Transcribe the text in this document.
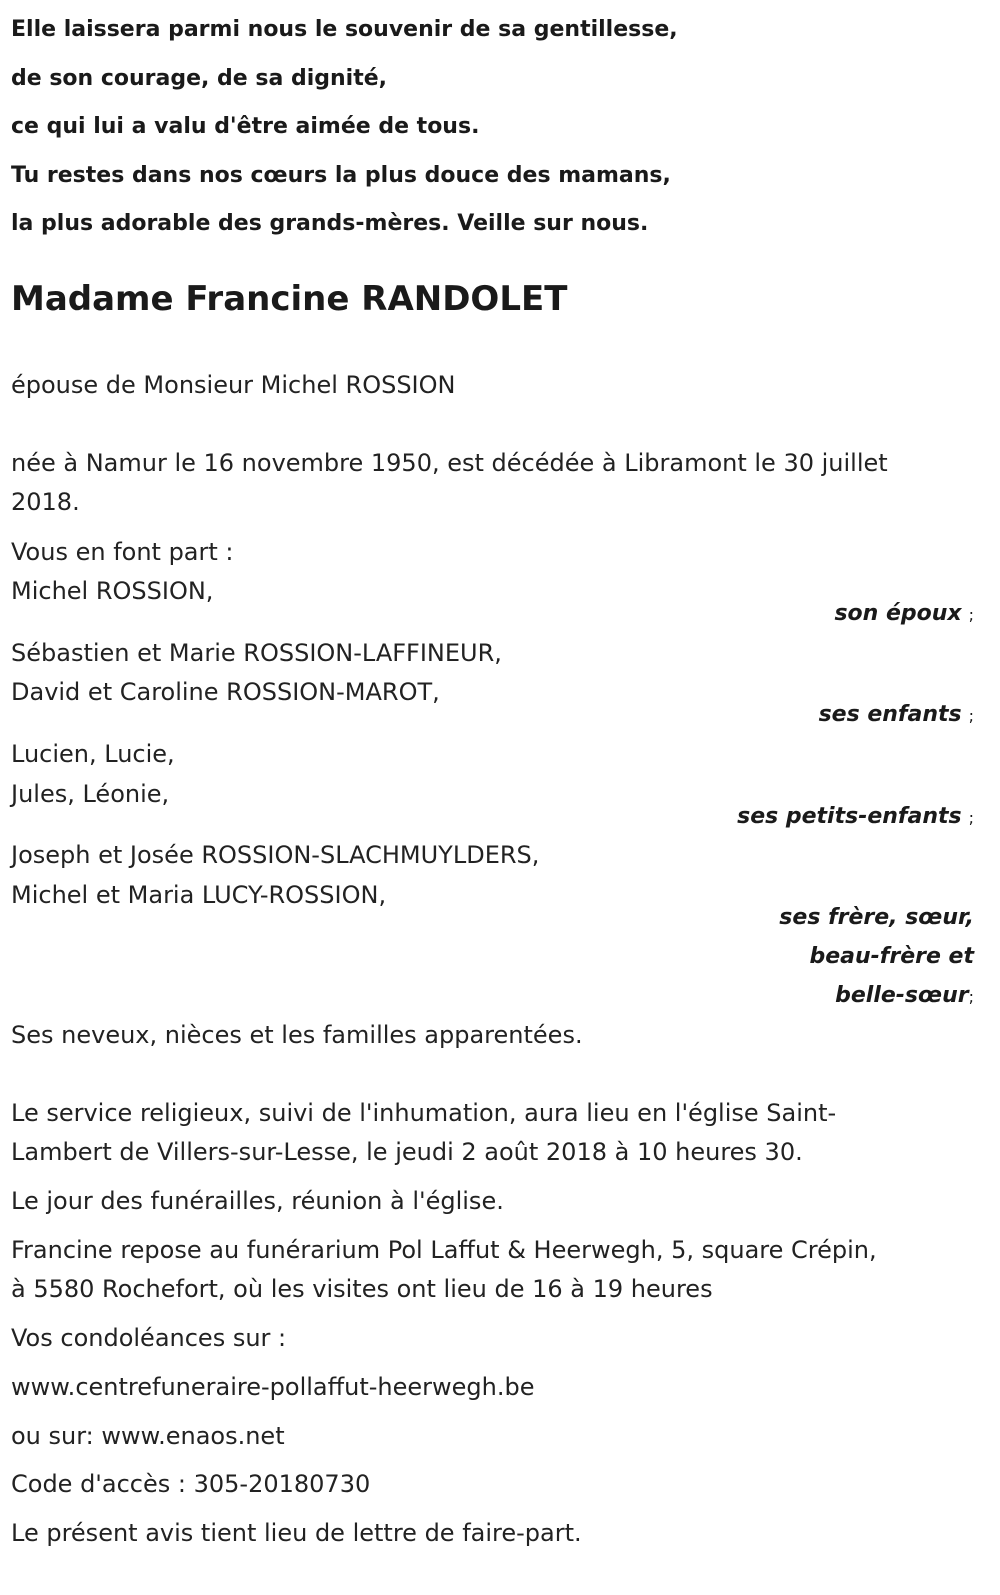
Elle laissera parmi nous le souvenir de sa gentillesse,
de son courage, de sa dignité,
ce qui lui a valu d'être aimée de tous.
Tu restes dans nos cœurs la plus douce des mamans,
la plus adorable des grands-mères. Veille sur nous.
Madame Francine RANDOLET
épouse de Monsieur Michel ROSSION
née à Namur le 16 novembre 1950, est décédée à Libramont le 30 juillet
2018.
Vous en font part :
Michel ROSSION,
son époux ;
Sébastien et Marie ROSSION-LAFFINEUR,
David et Caroline ROSSION-MAROT,
ses enfants ;
Lucien, Lucie,
Jules, Léonie,
ses petits-enfants ;
Joseph et Josée ROSSION-SLACHMUYLDERS,
Michel et Maria LUCY-ROSSION,
ses frère, sœur,
beau-frère et
belle-sœur;
Ses neveux, nièces et les familles apparentées.
Le service religieux, suivi de l'inhumation, aura lieu en l'église Saint-
Lambert de Villers-sur-Lesse, le jeudi 2 août 2018 à 10 heures 30.
Le jour des funérailles, réunion à l'église.
Francine repose au funérarium Pol Laffut & Heerwegh, 5, square Crépin,
à 5580 Rochefort, où les visites ont lieu de 16 à 19 heures
Vos condoléances sur :
www.centrefuneraire-pollaffut-heerwegh.be
ou sur: www.enaos.net
Code d'accès : 305-20180730
Le présent avis tient lieu de lettre de faire-part.
